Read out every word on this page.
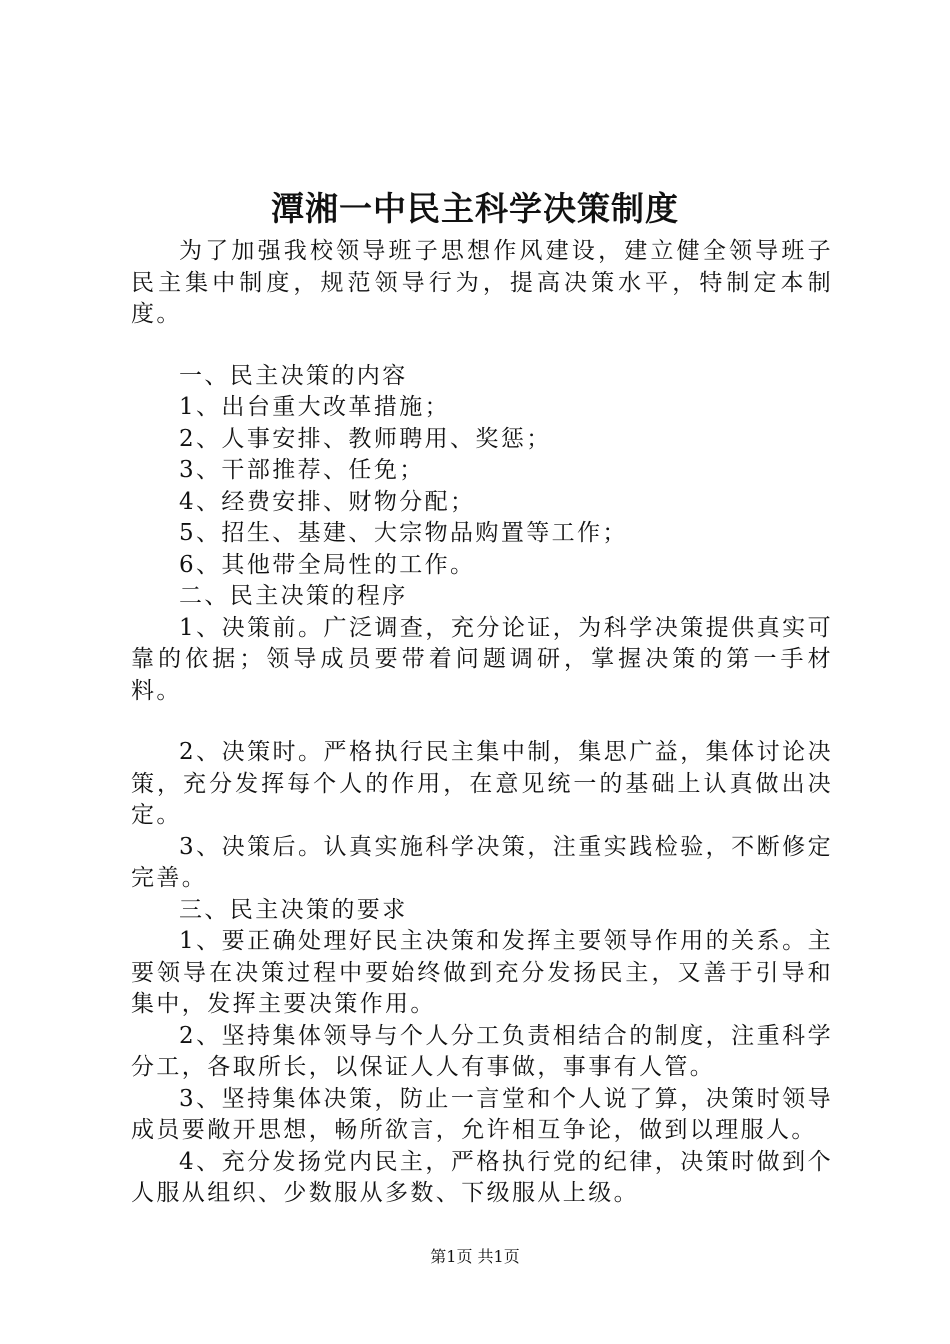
潭湘一中民主科学决策制度

为了加强我校领导班子思想作风建设，建立健全领导班子民主集中制度，规范领导行为，提高决策水平，特制定本制度。

一、民主决策的内容

1、出台重大改革措施；

2、人事安排、教师聘用、奖惩；

3、干部推荐、任免；

4、经费安排、财物分配；

5、招生、基建、大宗物品购置等工作；

6、其他带全局性的工作。

二、民主决策的程序

1、决策前。广泛调查，充分论证，为科学决策提供真实可靠的依据；领导成员要带着问题调研，掌握决策的第一手材料。

2、决策时。严格执行民主集中制，集思广益，集体讨论决策，充分发挥每个人的作用，在意见统一的基础上认真做出决定。

3、决策后。认真实施科学决策，注重实践检验，不断修定完善。

三、民主决策的要求

1、要正确处理好民主决策和发挥主要领导作用的关系。主要领导在决策过程中要始终做到充分发扬民主，又善于引导和集中，发挥主要决策作用。

2、坚持集体领导与个人分工负责相结合的制度，注重科学分工，各取所长，以保证人人有事做，事事有人管。

3、坚持集体决策，防止一言堂和个人说了算，决策时领导成员要敞开思想，畅所欲言，允许相互争论，做到以理服人。

4、充分发扬党内民主，严格执行党的纪律，决策时做到个人服从组织、少数服从多数、下级服从上级。

第1页 共1页
